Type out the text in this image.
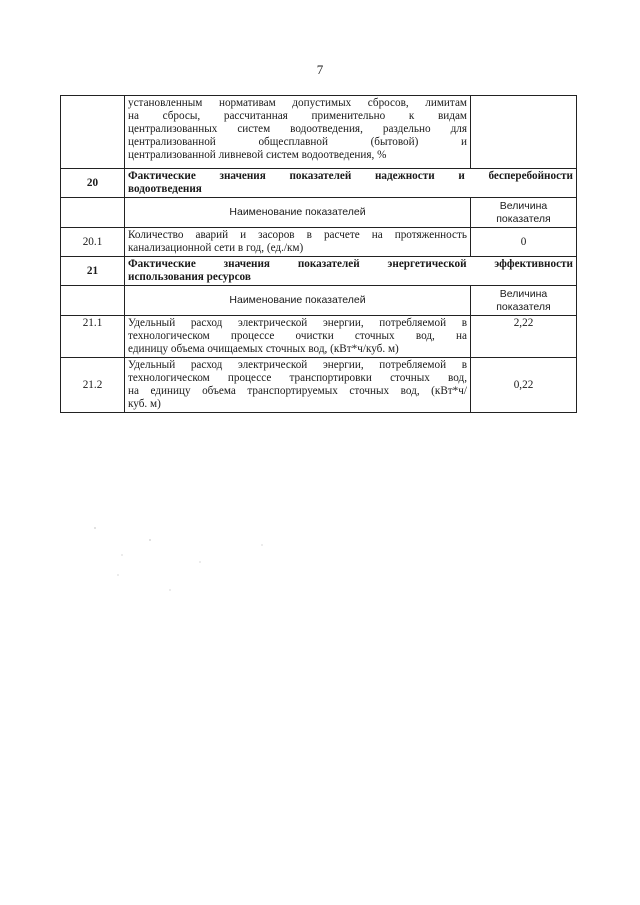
7

	установленным нормативам допустимых сбросов, лимитам
на сбросы, рассчитанная применительно к видам
централизованных систем водоотведения, раздельно для
централизованной общесплавной (бытовой) и
централизованной ливневой систем водоотведения, %	

20	Фактические значения показателей надежности и бесперебойности
водоотведения	
	Наименование показателей	Величина показателя
20.1	Количество аварий и засоров в расчете на протяженность
канализационной сети в год, (ед./км)	0
21	Фактические значения показателей энергетической эффективности
использования ресурсов	
	Наименование показателей	Величина показателя
21.1	Удельный расход электрической энергии, потребляемой в
технологическом процессе очистки сточных вод, на
единицу объема очищаемых сточных вод, (кВт*ч/куб. м)	2,22
21.2	Удельный расход электрической энергии, потребляемой в
технологическом процессе транспортировки сточных вод,
на единицу объема транспортируемых сточных вод, (кВт*ч/
куб. м)	0,22
